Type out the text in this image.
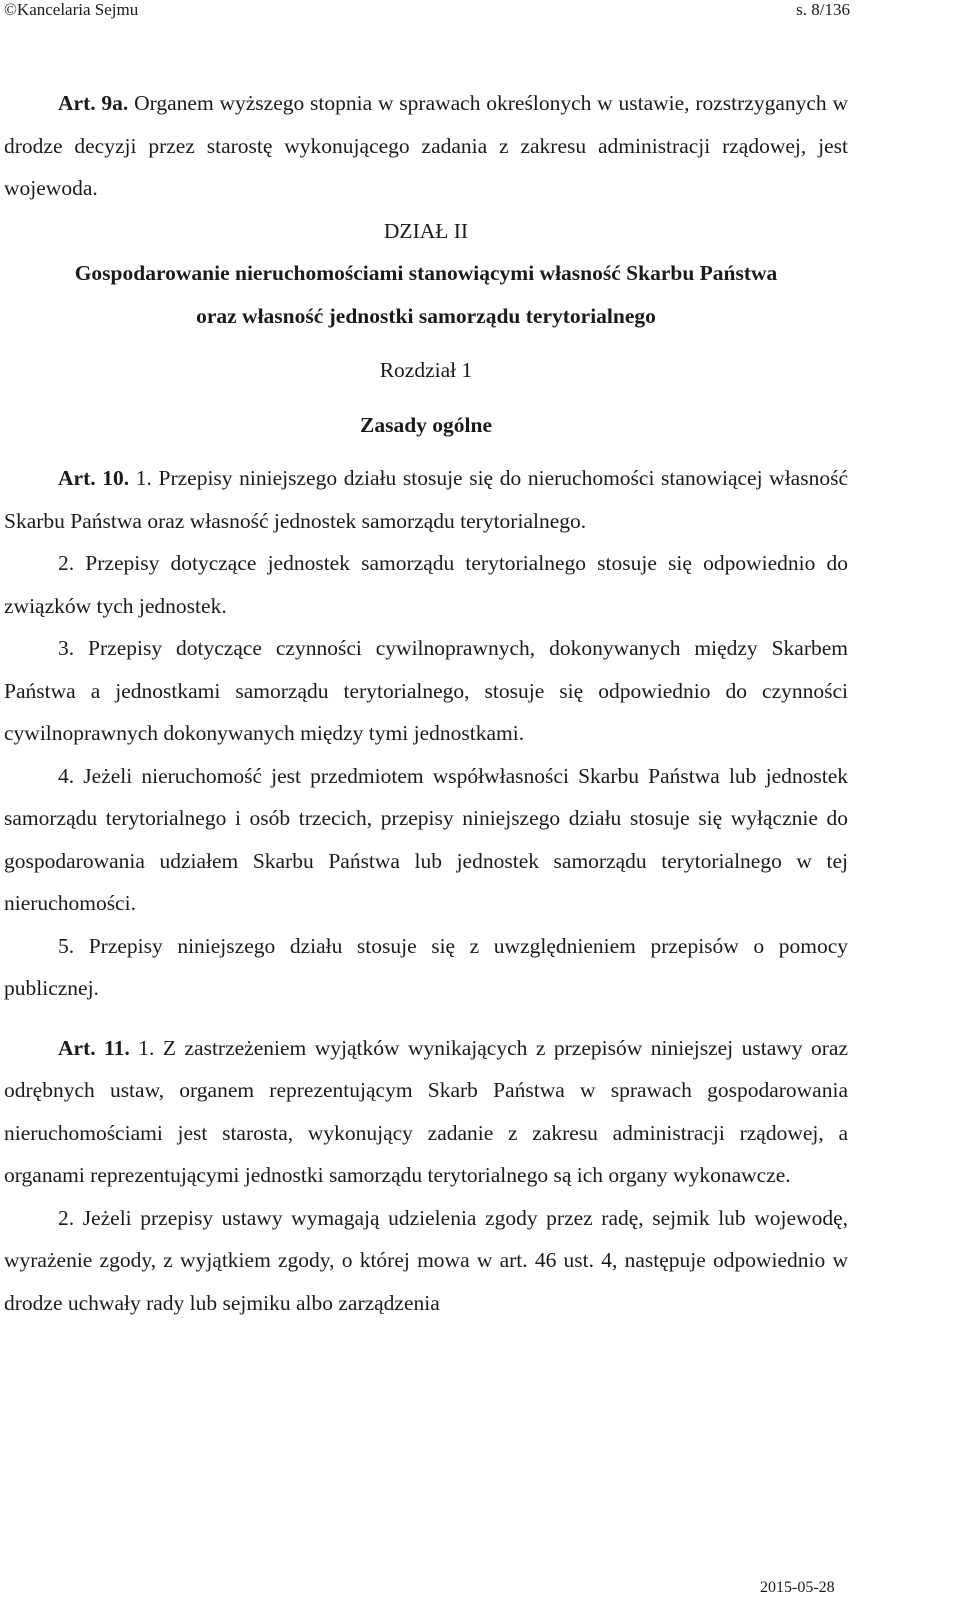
©Kancelaria Sejmu	s. 8/136

Art. 9a. Organem wyższego stopnia w sprawach określonych w ustawie, rozstrzyganych w drodze decyzji przez starostę wykonującego zadania z zakresu administracji rządowej, jest wojewoda.

DZIAŁ II

Gospodarowanie nieruchomościami stanowiącymi własność Skarbu Państwa

oraz własność jednostki samorządu terytorialnego

Rozdział 1

Zasady ogólne

Art. 10. 1. Przepisy niniejszego działu stosuje się do nieruchomości stanowiącej własność Skarbu Państwa oraz własność jednostek samorządu terytorialnego.

2. Przepisy dotyczące jednostek samorządu terytorialnego stosuje się odpowiednio do związków tych jednostek.

3. Przepisy dotyczące czynności cywilnoprawnych, dokonywanych między Skarbem Państwa a jednostkami samorządu terytorialnego, stosuje się odpowiednio do czynności cywilnoprawnych dokonywanych między tymi jednostkami.

4. Jeżeli nieruchomość jest przedmiotem współwłasności Skarbu Państwa lub jednostek samorządu terytorialnego i osób trzecich, przepisy niniejszego działu stosuje się wyłącznie do gospodarowania udziałem Skarbu Państwa lub jednostek samorządu terytorialnego w tej nieruchomości.

5. Przepisy niniejszego działu stosuje się z uwzględnieniem przepisów o pomocy publicznej.

Art. 11. 1. Z zastrzeżeniem wyjątków wynikających z przepisów niniejszej ustawy oraz odrębnych ustaw, organem reprezentującym Skarb Państwa w sprawach gospodarowania nieruchomościami jest starosta, wykonujący zadanie z zakresu administracji rządowej, a organami reprezentującymi jednostki samorządu terytorialnego są ich organy wykonawcze.

2. Jeżeli przepisy ustawy wymagają udzielenia zgody przez radę, sejmik lub wojewodę, wyrażenie zgody, z wyjątkiem zgody, o której mowa w art. 46 ust. 4, następuje odpowiednio w drodze uchwały rady lub sejmiku albo zarządzenia

2015-05-28
